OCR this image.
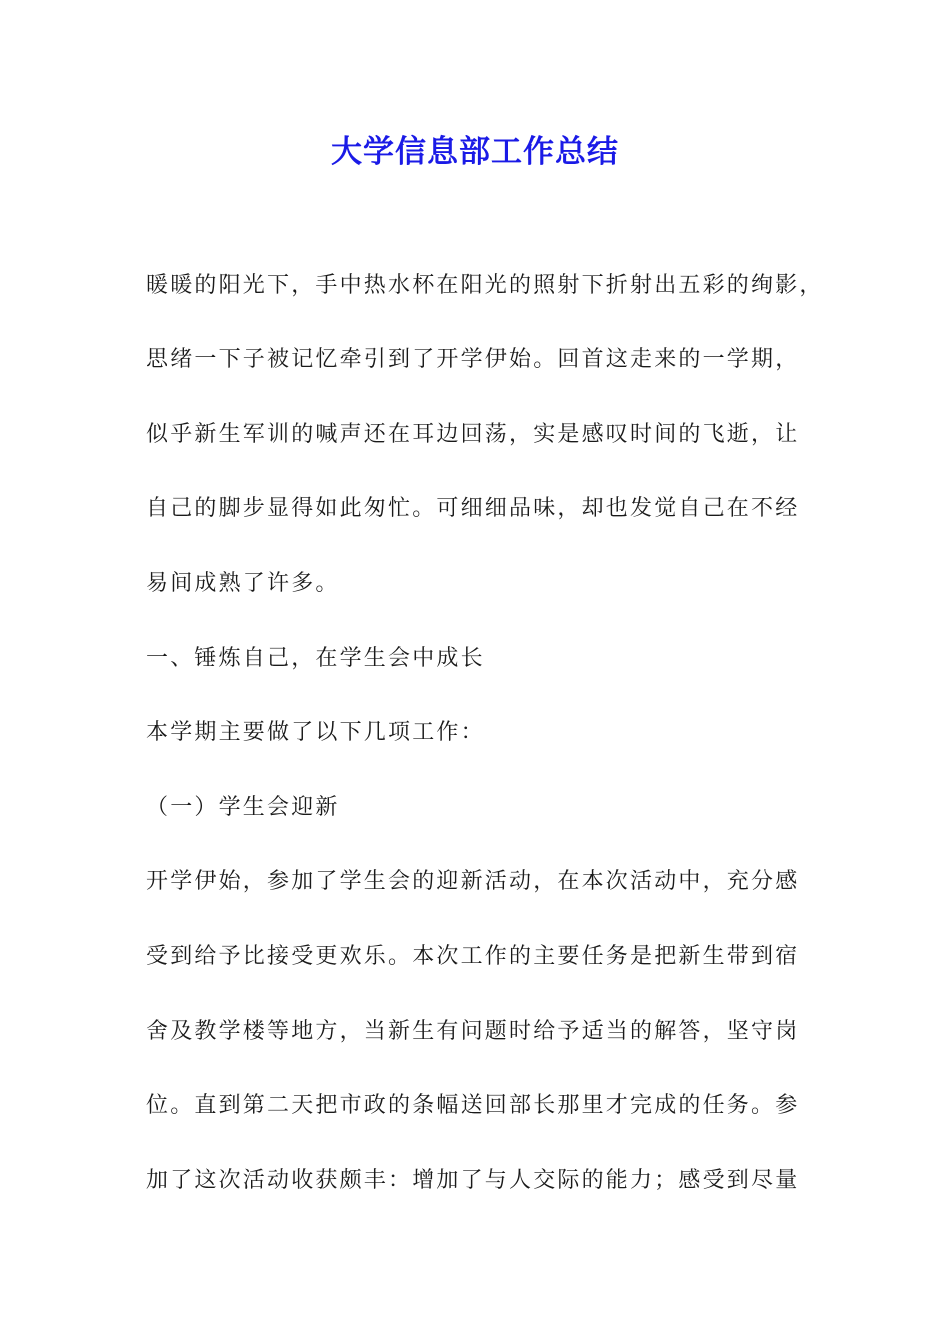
大学信息部工作总结

暖暖的阳光下，手中热水杯在阳光的照射下折射出五彩的绚影，

思绪一下子被记忆牵引到了开学伊始。回首这走来的一学期，

似乎新生军训的喊声还在耳边回荡，实是感叹时间的飞逝，让

自己的脚步显得如此匆忙。可细细品味，却也发觉自己在不经

易间成熟了许多。

一、锤炼自己，在学生会中成长

本学期主要做了以下几项工作：

（一）学生会迎新

开学伊始，参加了学生会的迎新活动，在本次活动中，充分感

受到给予比接受更欢乐。本次工作的主要任务是把新生带到宿

舍及教学楼等地方，当新生有问题时给予适当的解答，坚守岗

位。直到第二天把市政的条幅送回部长那里才完成的任务。参

加了这次活动收获颇丰：增加了与人交际的能力；感受到尽量
